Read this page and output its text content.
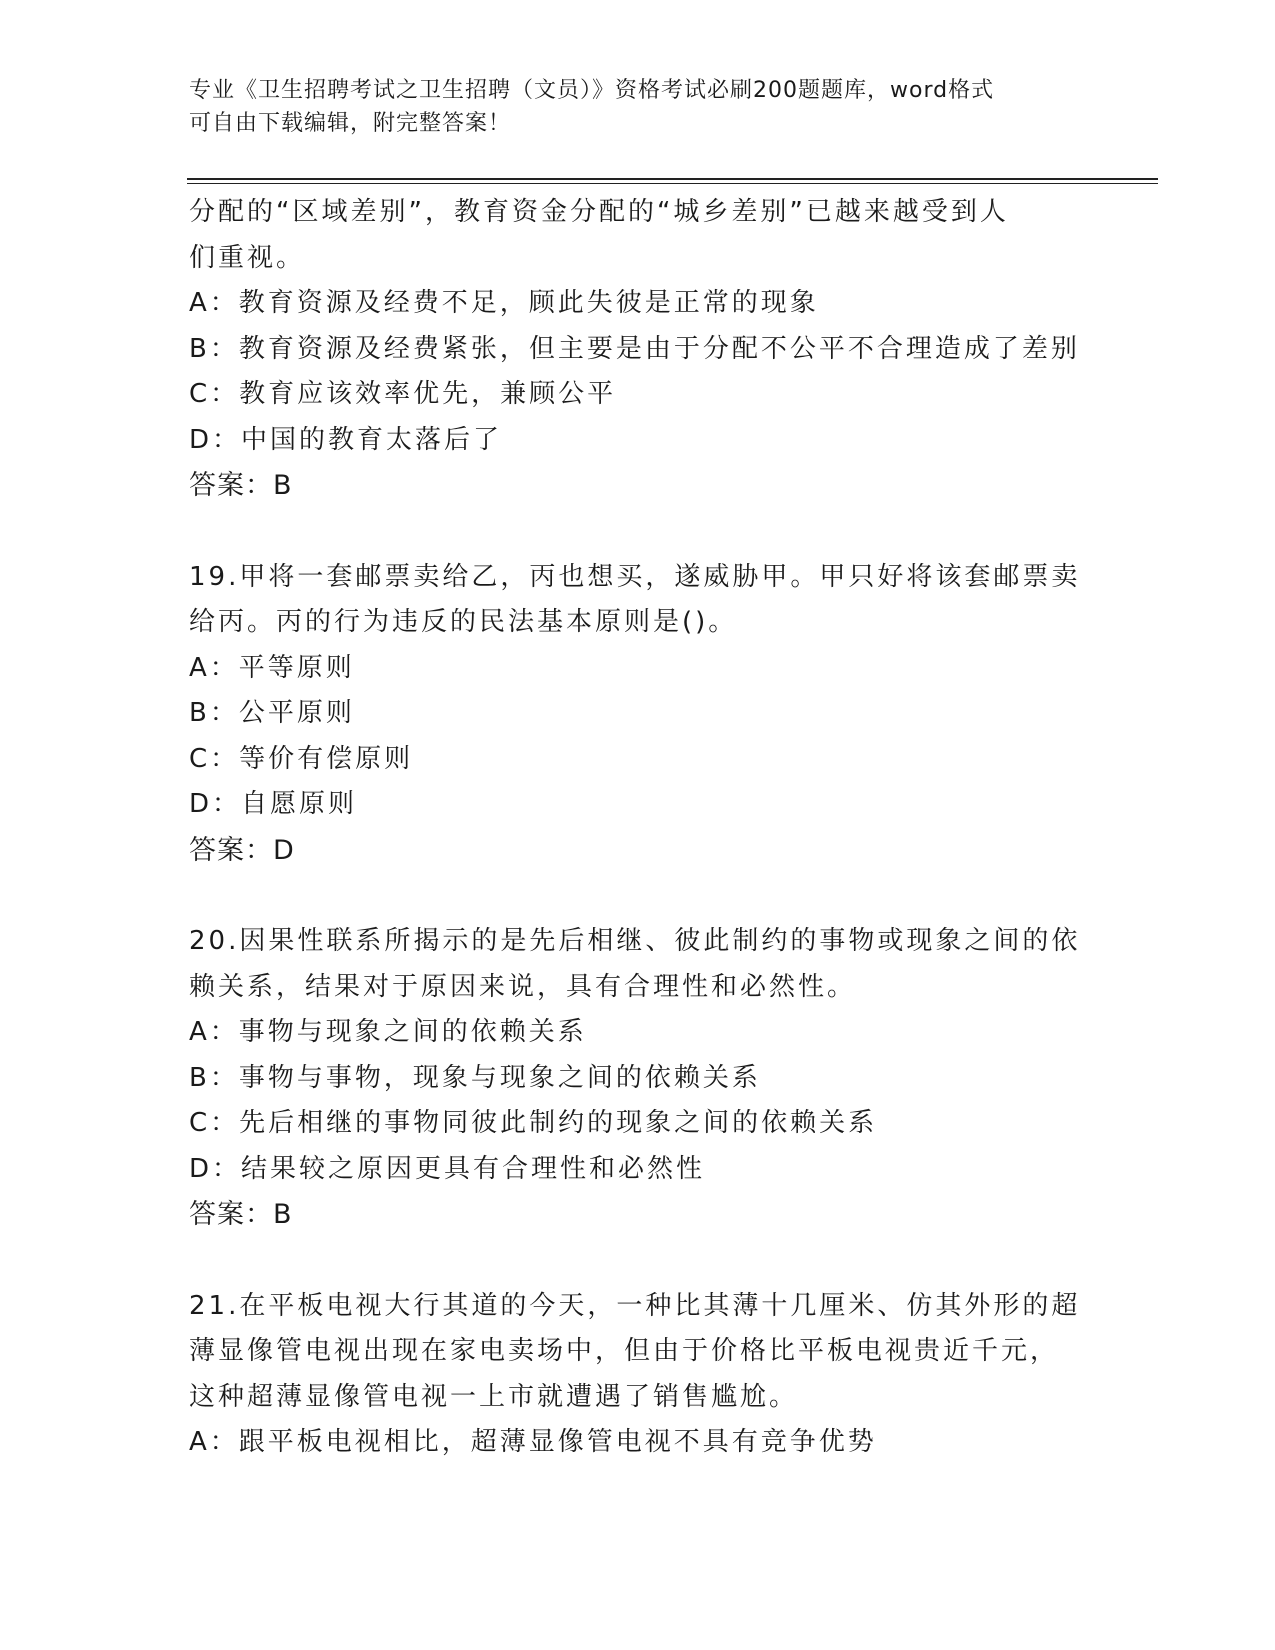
专业《卫生招聘考试之卫生招聘（文员）》资格考试必刷200题题库，word格式
可自由下载编辑，附完整答案！
分配的“区域差别”，教育资金分配的“城乡差别”已越来越受到人
们重视。
A：教育资源及经费不足，顾此失彼是正常的现象
B：教育资源及经费紧张，但主要是由于分配不公平不合理造成了差别
C：教育应该效率优先，兼顾公平
D：中国的教育太落后了
答案：B
19.甲将一套邮票卖给乙，丙也想买，遂威胁甲。甲只好将该套邮票卖
给丙。丙的行为违反的民法基本原则是()。
A：平等原则
B：公平原则
C：等价有偿原则
D：自愿原则
答案：D
20.因果性联系所揭示的是先后相继、彼此制约的事物或现象之间的依
赖关系，结果对于原因来说，具有合理性和必然性。
A：事物与现象之间的依赖关系
B：事物与事物，现象与现象之间的依赖关系
C：先后相继的事物同彼此制约的现象之间的依赖关系
D：结果较之原因更具有合理性和必然性
答案：B
21.在平板电视大行其道的今天，一种比其薄十几厘米、仿其外形的超
薄显像管电视出现在家电卖场中，但由于价格比平板电视贵近千元，
这种超薄显像管电视一上市就遭遇了销售尴尬。
A：跟平板电视相比，超薄显像管电视不具有竞争优势
